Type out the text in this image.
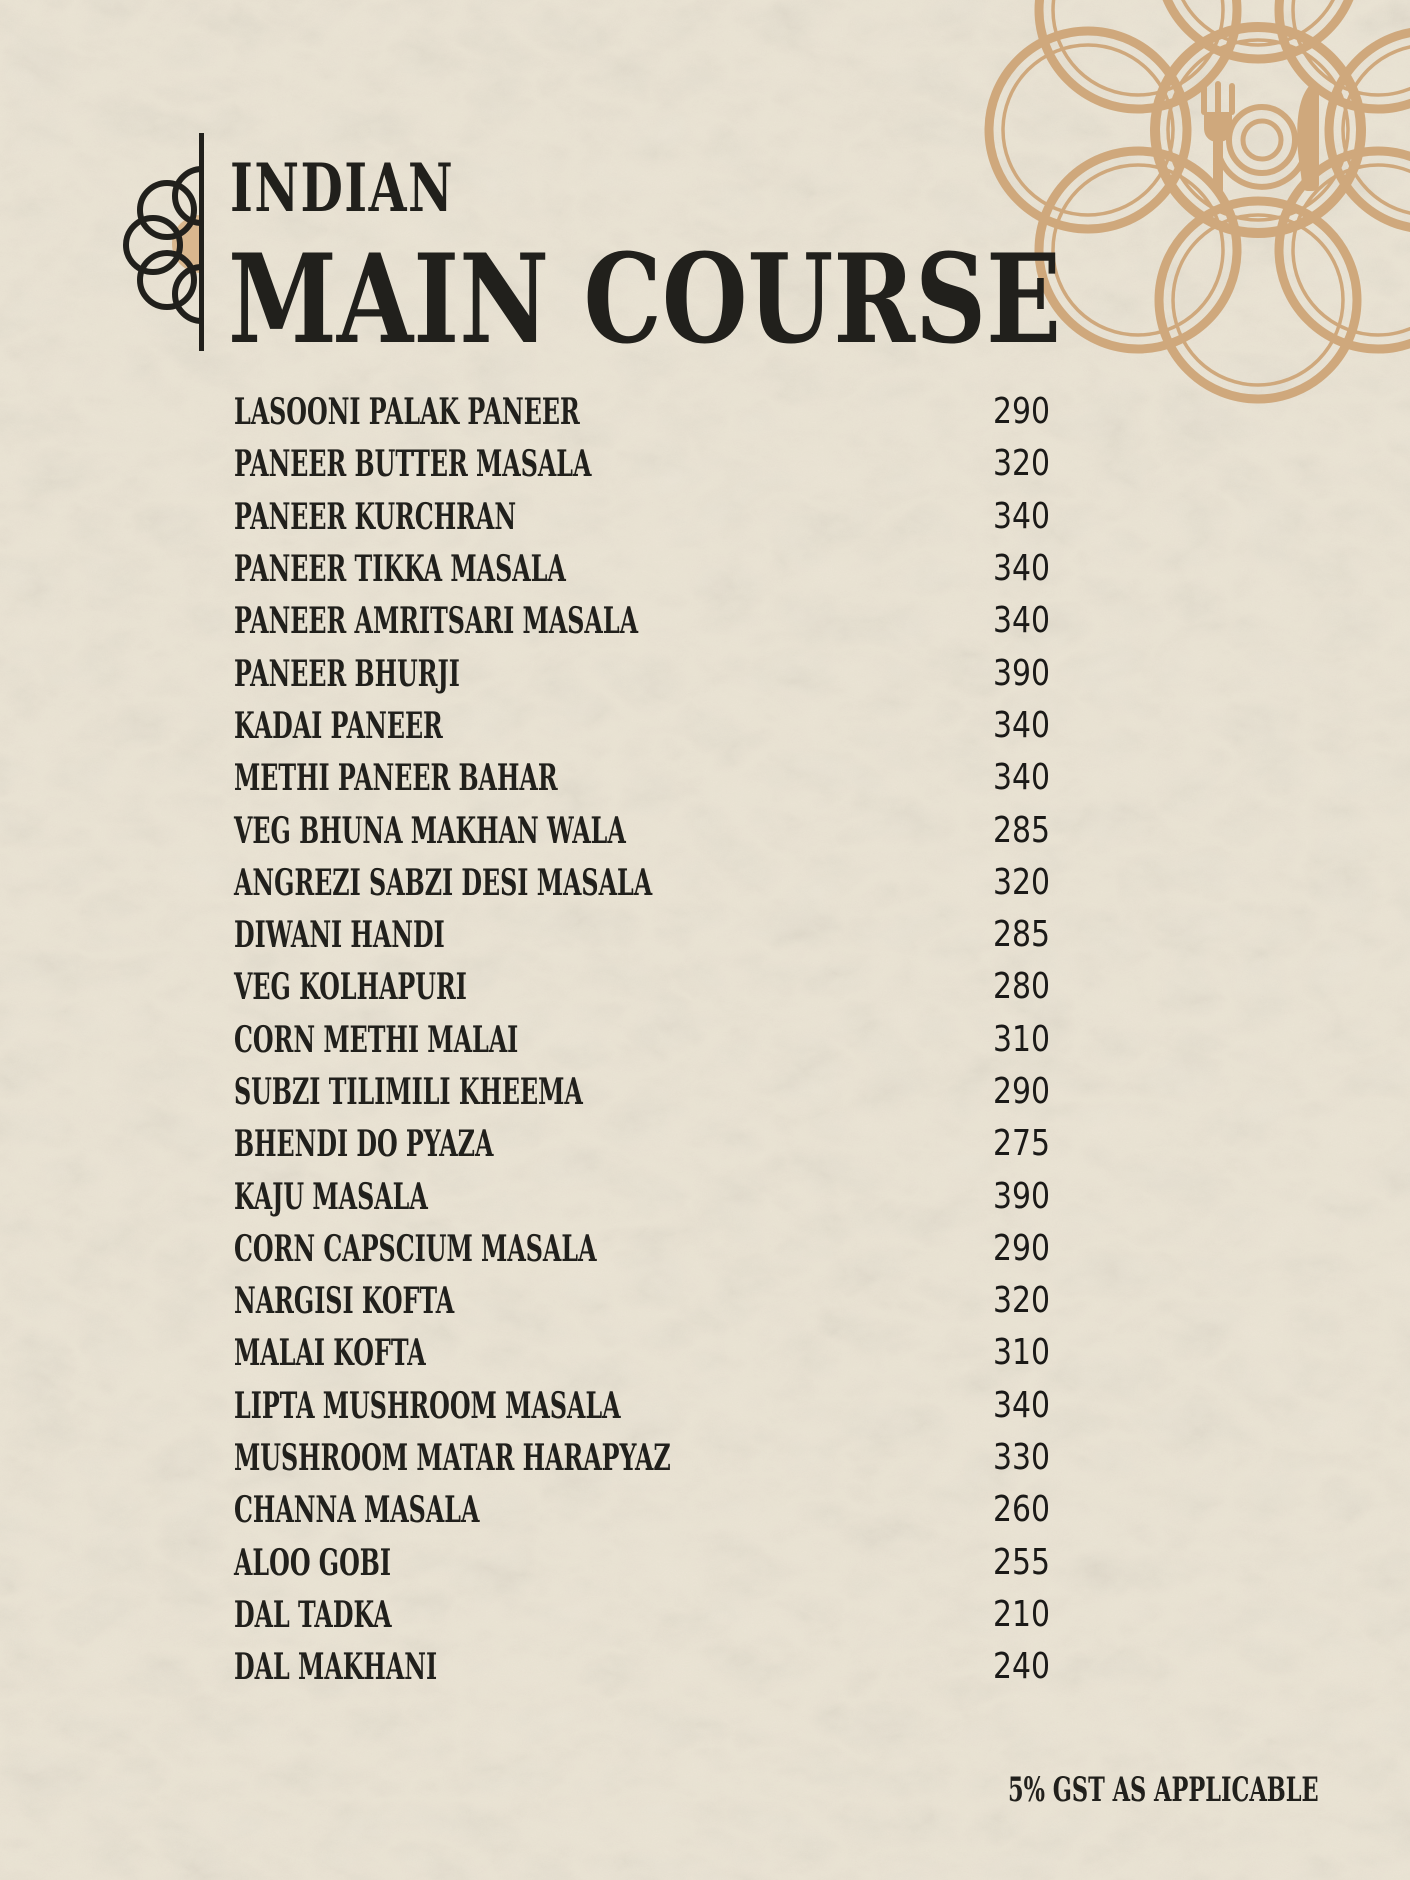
INDIAN
MAIN COURSE
LASOONI PALAK PANEER	290
PANEER BUTTER MASALA	320
PANEER KURCHRAN	340
PANEER TIKKA MASALA	340
PANEER AMRITSARI MASALA	340
PANEER BHURJI	390
KADAI PANEER	340
METHI PANEER BAHAR	340
VEG BHUNA MAKHAN WALA	285
ANGREZI SABZI DESI MASALA	320
DIWANI HANDI	285
VEG KOLHAPURI	280
CORN METHI MALAI	310
SUBZI TILIMILI KHEEMA	290
BHENDI DO PYAZA	275
KAJU MASALA	390
CORN CAPSCIUM MASALA	290
NARGISI KOFTA	320
MALAI KOFTA	310
LIPTA MUSHROOM MASALA	340
MUSHROOM MATAR HARAPYAZ	330
CHANNA MASALA	260
ALOO GOBI	255
DAL TADKA	210
DAL MAKHANI	240
5% GST AS APPLICABLE
